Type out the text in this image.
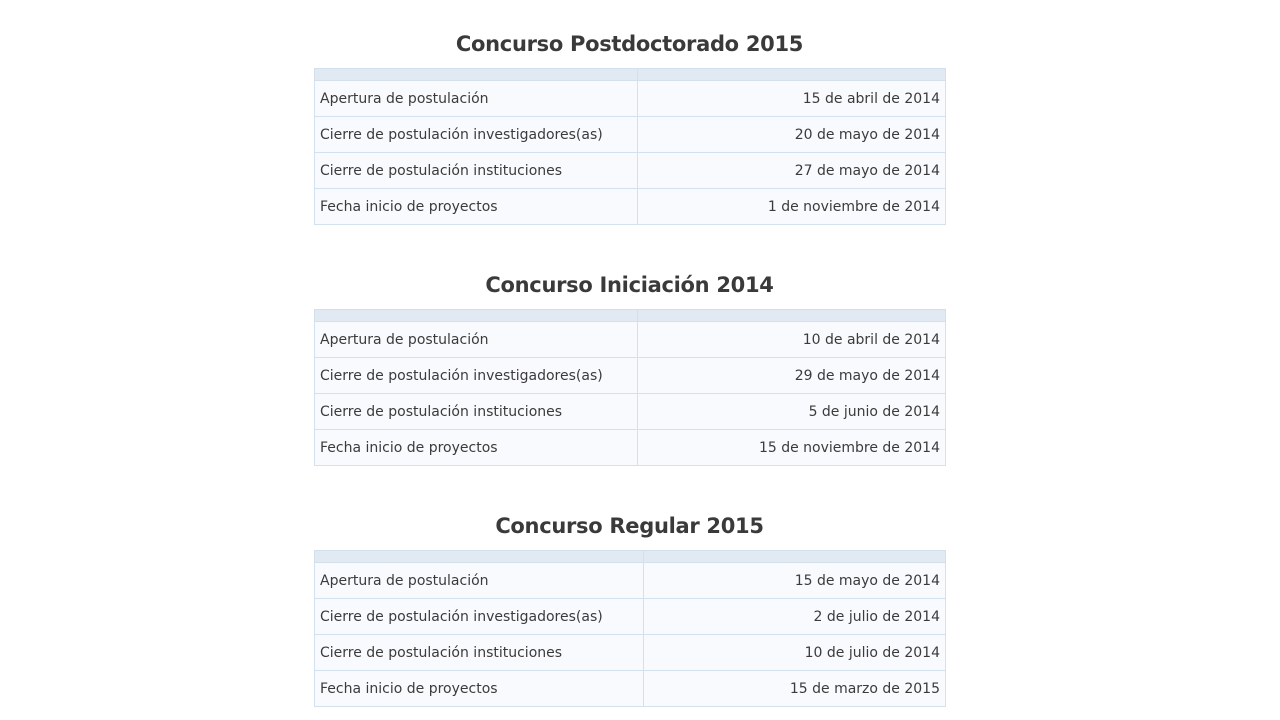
Concurso Postdoctorado 2015

Apertura de postulación	15 de abril de 2014
Cierre de postulación investigadores(as)	20 de mayo de 2014
Cierre de postulación instituciones	27 de mayo de 2014
Fecha inicio de proyectos	1 de noviembre de 2014
Concurso Iniciación 2014

Apertura de postulación	10 de abril de 2014
Cierre de postulación investigadores(as)	29 de mayo de 2014
Cierre de postulación instituciones	5 de junio de 2014
Fecha inicio de proyectos	15 de noviembre de 2014
Concurso Regular 2015

Apertura de postulación	15 de mayo de 2014
Cierre de postulación investigadores(as)	2 de julio de 2014
Cierre de postulación instituciones	10 de julio de 2014
Fecha inicio de proyectos	15 de marzo de 2015
